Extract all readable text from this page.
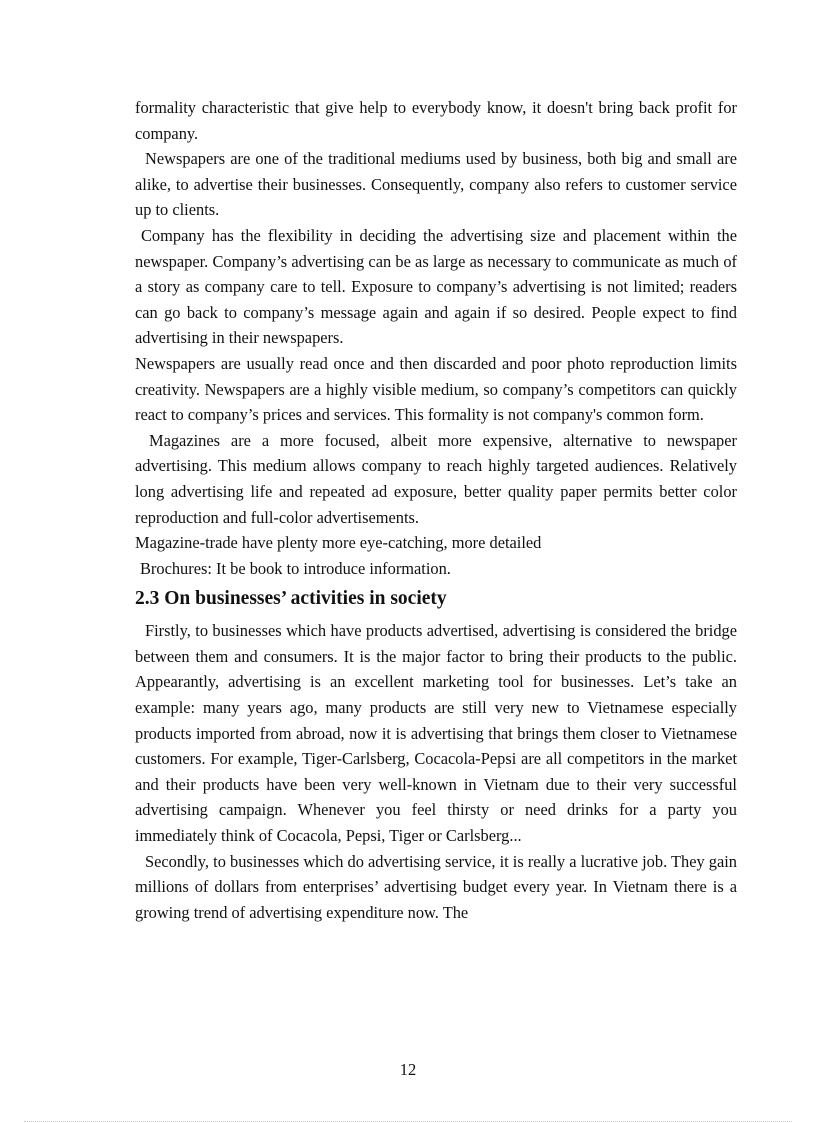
formality characteristic that give help to everybody know, it doesn't bring back profit for company.

Newspapers are one of the traditional mediums used by business, both big and small are alike, to advertise their businesses. Consequently, company also refers to customer service up to clients.

Company has the flexibility in deciding the advertising size and placement within the newspaper. Company’s advertising can be as large as necessary to communicate as much of a story as company care to tell. Exposure to company’s advertising is not limited; readers can go back to company’s message again and again if so desired. People expect to find advertising in their newspapers.

Newspapers are usually read once and then discarded and poor photo reproduction limits creativity. Newspapers are a highly visible medium, so company’s competitors can quickly react to company’s prices and services. This formality is not company's common form.

Magazines are a more focused, albeit more expensive, alternative to newspaper advertising. This medium allows company to reach highly targeted audiences. Relatively long advertising life and repeated ad exposure, better quality paper permits better color reproduction and full-color advertisements.

Magazine-trade have plenty more eye-catching, more detailed

Brochures: It be book to introduce information.

2.3 On businesses’ activities in society

Firstly, to businesses which have products advertised, advertising is considered the bridge between them and consumers. It is the major factor to bring their products to the public. Appearantly, advertising is an excellent marketing tool for businesses. Let’s take an example: many years ago, many products are still very new to Vietnamese especially products imported from abroad, now it is advertising that brings them closer to Vietnamese customers. For example, Tiger-Carlsberg, Cocacola-Pepsi are all competitors in the market and their products have been very well-known in Vietnam due to their very successful advertising campaign. Whenever you feel thirsty or need drinks for a party you immediately think of Cocacola, Pepsi, Tiger or Carlsberg...

Secondly, to businesses which do advertising service, it is really a lucrative job. They gain millions of dollars from enterprises’ advertising budget every year. In Vietnam there is a growing trend of advertising expenditure now. The

12
